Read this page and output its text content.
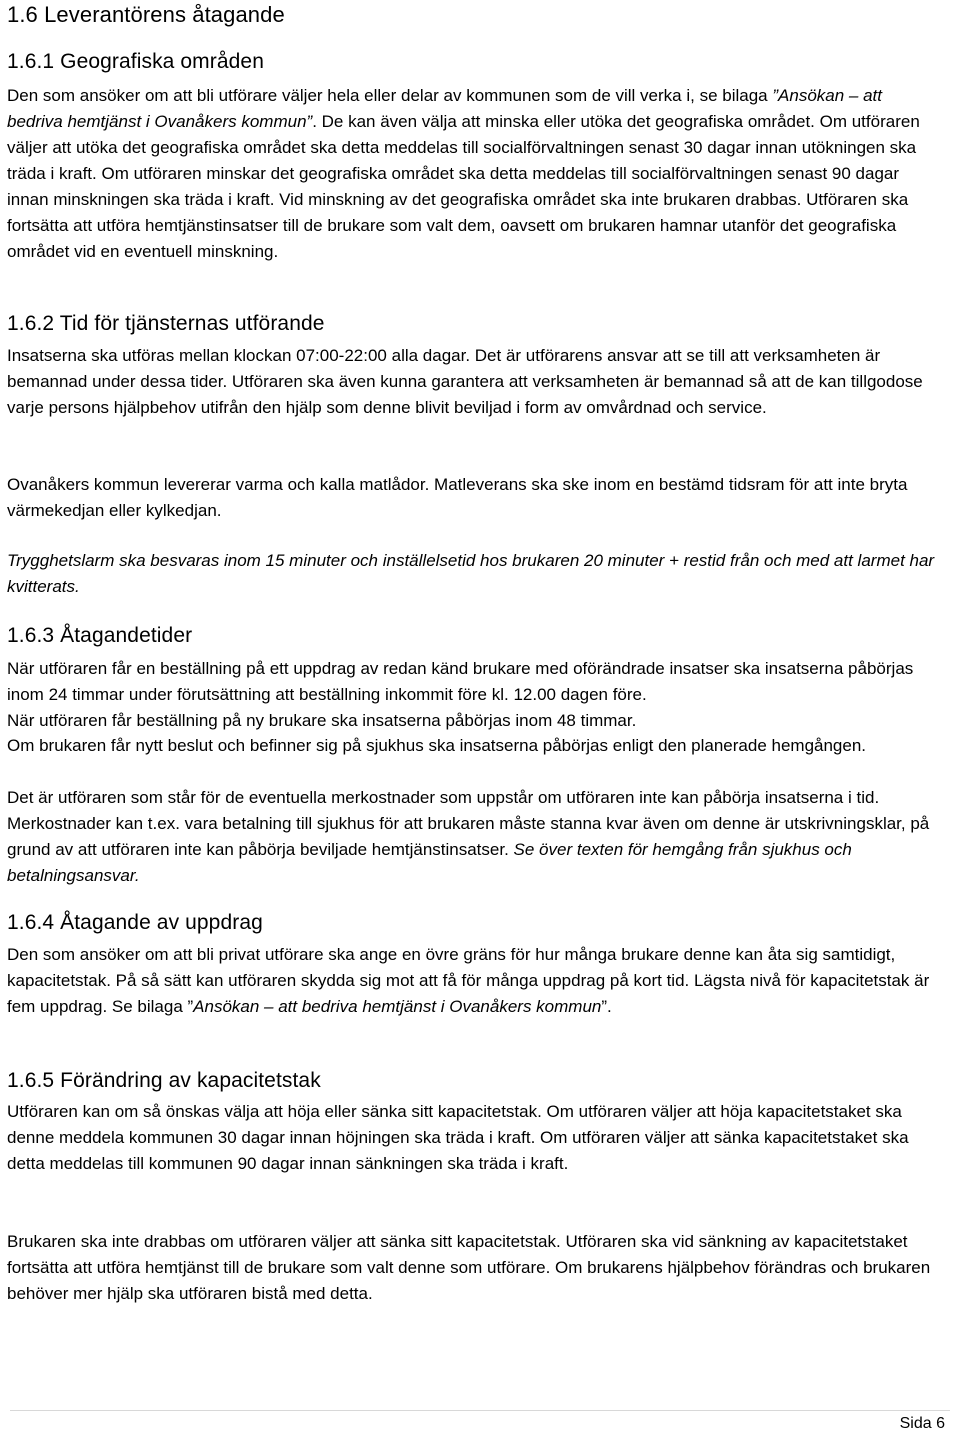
1.6 Leverantörens åtagande
1.6.1 Geografiska områden

Den som ansöker om att bli utförare väljer hela eller delar av kommunen som de vill verka i, se bilaga ”Ansökan – att bedriva hemtjänst i Ovanåkers kommun”. De kan även välja att minska eller utöka det geografiska området. Om utföraren väljer att utöka det geografiska området ska detta meddelas till socialförvaltningen senast 30 dagar innan utökningen ska träda i kraft. Om utföraren minskar det geografiska området ska detta meddelas till socialförvaltningen senast 90 dagar innan minskningen ska träda i kraft. Vid minskning av det geografiska området ska inte brukaren drabbas. Utföraren ska fortsätta att utföra hemtjänstinsatser till de brukare som valt dem, oavsett om brukaren hamnar utanför det geografiska området vid en eventuell minskning.

1.6.2 Tid för tjänsternas utförande

Insatserna ska utföras mellan klockan 07:00-22:00 alla dagar. Det är utförarens ansvar att se till att verksamheten är bemannad under dessa tider. Utföraren ska även kunna garantera att verksamheten är bemannad så att de kan tillgodose varje persons hjälpbehov utifrån den hjälp som denne blivit beviljad i form av omvårdnad och service.

Ovanåkers kommun levererar varma och kalla matlådor. Matleverans ska ske inom en bestämd tidsram för att inte bryta värmekedjan eller kylkedjan.

Trygghetslarm ska besvaras inom 15 minuter och inställelsetid hos brukaren 20 minuter + restid från och med att larmet har kvitterats.

1.6.3 Åtagandetider

När utföraren får en beställning på ett uppdrag av redan känd brukare med oförändrade insatser ska insatserna påbörjas inom 24 timmar under förutsättning att beställning inkommit före kl. 12.00 dagen före.

När utföraren får beställning på ny brukare ska insatserna påbörjas inom 48 timmar.

Om brukaren får nytt beslut och befinner sig på sjukhus ska insatserna påbörjas enligt den planerade hemgången.

Det är utföraren som står för de eventuella merkostnader som uppstår om utföraren inte kan påbörja insatserna i tid. Merkostnader kan t.ex. vara betalning till sjukhus för att brukaren måste stanna kvar även om denne är utskrivningsklar, på grund av att utföraren inte kan påbörja beviljade hemtjänstinsatser. Se över texten för hemgång från sjukhus och betalningsansvar.

1.6.4 Åtagande av uppdrag

Den som ansöker om att bli privat utförare ska ange en övre gräns för hur många brukare denne kan åta sig samtidigt, kapacitetstak. På så sätt kan utföraren skydda sig mot att få för många uppdrag på kort tid. Lägsta nivå för kapacitetstak är fem uppdrag. Se bilaga ”Ansökan – att bedriva hemtjänst i Ovanåkers kommun”.

1.6.5 Förändring av kapacitetstak

Utföraren kan om så önskas välja att höja eller sänka sitt kapacitetstak. Om utföraren väljer att höja kapacitetstaket ska denne meddela kommunen 30 dagar innan höjningen ska träda i kraft. Om utföraren väljer att sänka kapacitetstaket ska detta meddelas till kommunen 90 dagar innan sänkningen ska träda i kraft.

Brukaren ska inte drabbas om utföraren väljer att sänka sitt kapacitetstak. Utföraren ska vid sänkning av kapacitetstaket fortsätta att utföra hemtjänst till de brukare som valt denne som utförare. Om brukarens hjälpbehov förändras och brukaren behöver mer hjälp ska utföraren bistå med detta.

Sida 6
